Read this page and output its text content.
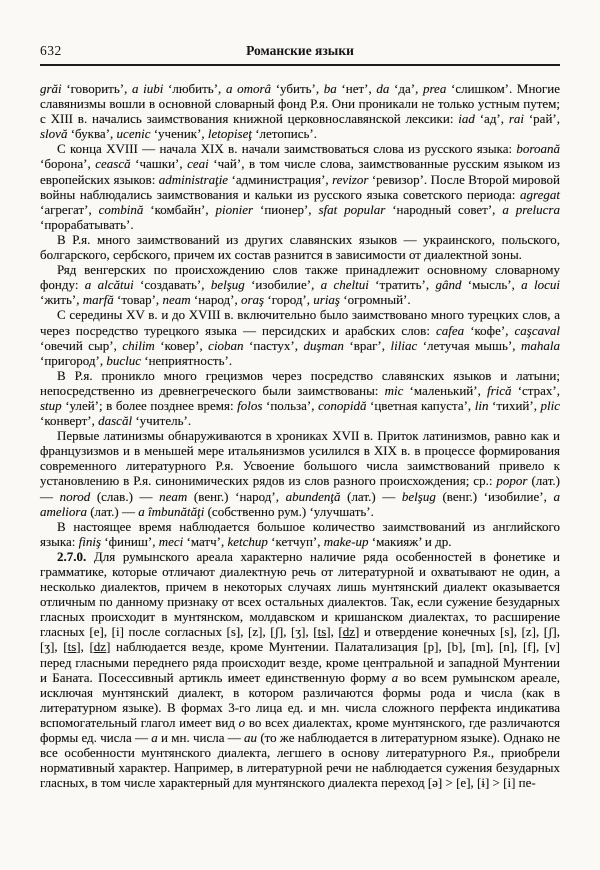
632	Романские языки

grăi ‘говорить’, a iubi ‘любить’, a omorâ ‘убить’, ba ‘нет’, da ‘да’, prea ‘слишком’. Многие славянизмы вошли в основной словарный фонд Р.я. Они проникали не только устным путем; с XIII в. начались заимствования книжной церковнославянской лексики: iad ‘ад’, rai ‘рай’, slovă ‘буква’, ucenic ‘ученик’, letopiseţ ‘летопись’.

С конца XVIII — начала XIX в. начали заимствоваться слова из русского языка: boroană ‘борона’, cească ‘чашки’, ceai ‘чай’, в том числе слова, заимствованные русским языком из европейских языков: administraţie ‘администрация’, revizor ‘ревизор’. После Второй мировой войны наблюдались заимствования и кальки из русского языка советского периода: agregat ‘агрегат’, combină ‘комбайн’, pionier ‘пионер’, sfat popular ‘народный совет’, a prelucra ‘прорабатывать’.

В Р.я. много заимствований из других славянских языков — украинского, польского, болгарского, сербского, причем их состав разнится в зависимости от диалектной зоны.

Ряд венгерских по происхождению слов также принадлежит основному словарному фонду: a alcătui ‘создавать’, belşug ‘изобилие’, a cheltui ‘тратить’, gând ‘мысль’, a locui ‘жить’, marfă ‘товар’, neam ‘народ’, oraş ‘город’, uriaş ‘огромный’.

С середины XV в. и до XVIII в. включительно было заимствовано много турецких слов, а через посредство турецкого языка — персидских и арабских слов: cafea ‘кофе’, caşcaval ‘овечий сыр’, chilim ‘ковер’, cioban ‘пастух’, duşman ‘враг’, liliac ‘летучая мышь’, mahala ‘пригород’, bucluc ‘неприятность’.

В Р.я. проникло много грецизмов через посредство славянских языков и латыни; непосредственно из древнегреческого были заимствованы: mic ‘маленький’, frică ‘страх’, stup ‘улей’; в более позднее время: folos ‘польза’, conopidă ‘цветная капуста’, lin ‘тихий’, plic ‘конверт’, dascăl ‘учитель’.

Первые латинизмы обнаруживаются в хрониках XVII в. Приток латинизмов, равно как и французизмов и в меньшей мере итальянизмов усилился в XIX в. в процессе формирования современного литературного Р.я. Усвоение большого числа заимствований привело к установлению в Р.я. синонимических рядов из слов разного происхождения; ср.: popor (лат.) — norod (слав.) — neam (венг.) ‘народ’, abundenţă (лат.) — belşug (венг.) ‘изобилие’, a ameliora (лат.) — a îmbunătăţi (собственно рум.) ‘улучшать’.

В настоящее время наблюдается большое количество заимствований из английского языка: finiş ‘финиш’, meci ‘матч’, ketchup ‘кетчуп’, make-up ‘макияж’ и др.

2.7.0. Для румынского ареала характерно наличие ряда особенностей в фонетике и грамматике, которые отличают диалектную речь от литературной и охватывают не один, а несколько диалектов, причем в некоторых случаях лишь мунтянский диалект оказывается отличным по данному признаку от всех остальных диалектов. Так, если сужение безударных гласных происходит в мунтянском, молдавском и кришанском диалектах, то расширение гласных [e], [i] после согласных [s], [z], [ʃ], [ʒ], [ts], [dz] и отвердение конечных [s], [z], [ʃ], [ʒ], [ts], [dz] наблюдается везде, кроме Мунтении. Палатализация [p], [b], [m], [n], [f], [v] перед гласными переднего ряда происходит везде, кроме центральной и западной Мунтении и Баната. Посессивный артикль имеет единственную форму a во всем румынском ареале, исключая мунтянский диалект, в котором различаются формы рода и числа (как в литературном языке). В формах 3-го лица ед. и мн. числа сложного перфекта индикатива вспомогательный глагол имеет вид o во всех диалектах, кроме мунтянского, где различаются формы ед. числа — a и мн. числа — au (то же наблюдается в литературном языке). Однако не все особенности мунтянского диалекта, легшего в основу литературного Р.я., приобрели нормативный характер. Например, в литературной речи не наблюдается сужения безударных гласных, в том числе характерный для мунтянского диалекта переход [ə] > [e], [ɨ] > [i] пе-
